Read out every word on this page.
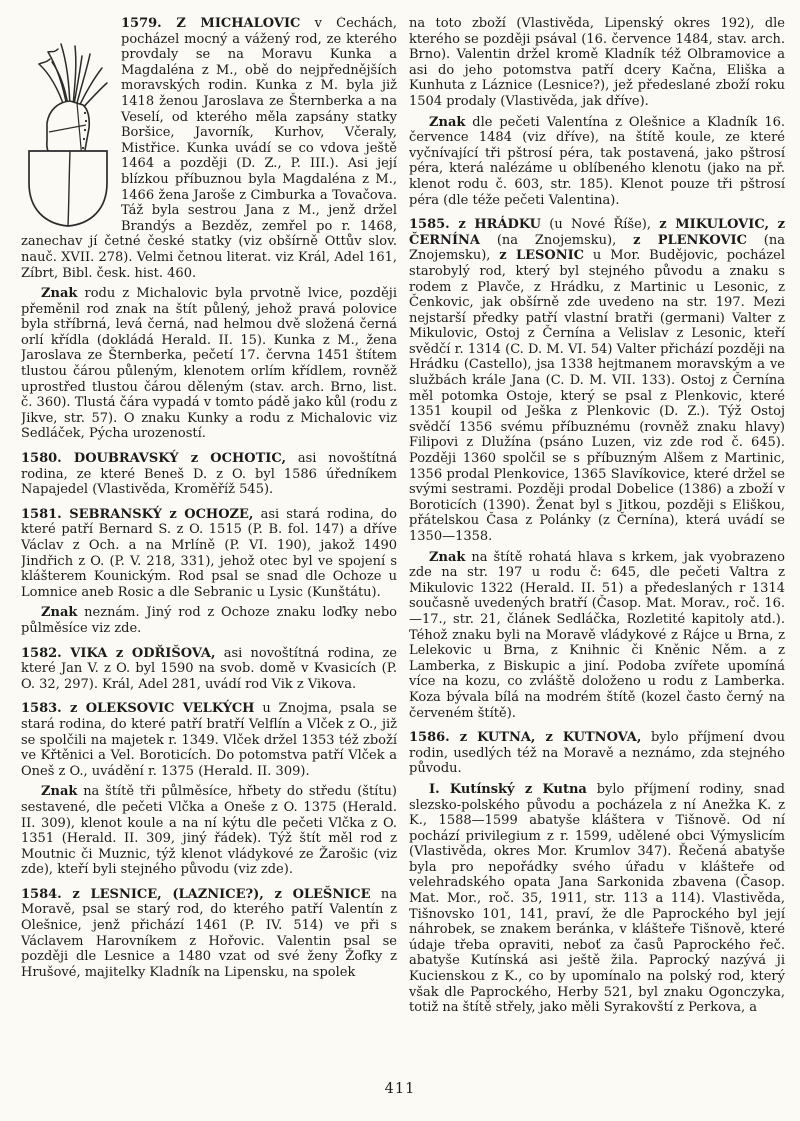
1579. Z MICHALOVIC v Čechách, pocházel mocný a vážený rod, ze kterého provdaly se na Moravu Kunka a Magdaléna z M., obě do nejpřednějších moravských rodin. Kunka z M. byla již 1418 ženou Jaroslava ze Šternberka a na Veselí, od kterého měla zapsány statky Boršice, Javorník, Kurhov, Včeraly, Mistřice. Kunka uvádí se co vdova ještě 1464 a později (D. Z., P. III.). Asi její blízkou příbuznou byla Magdaléna z M., 1466 žena Jaroše z Cimburka a Tovačova. Táž byla sestrou Jana z M., jenž držel Brandýs a Bezděz, zemřel po r. 1468, zanechav jí četné české statky (viz obšírně Ottův slov. nauč. XVII. 278). Velmi četnou literat. viz Král, Adel 161, Zíbrt, Bibl. česk. hist. 460.

Znak rodu z Michalovic byla prvotně lvice, později přeměnil rod znak na štít půlený, jehož pravá polovice byla stříbrná, levá černá, nad helmou dvě složená černá orlí křídla (dokládá Herald. II. 15). Kunka z M., žena Jaroslava ze Šternberka, pečetí 17. června 1451 štítem tlustou čárou půleným, klenotem orlím křídlem, rovněž uprostřed tlustou čárou děleným (stav. arch. Brno, list. č. 360). Tlustá čára vypadá v tomto pádě jako kůl (rodu z Jikve, str. 57). O znaku Kunky a rodu z Michalovic viz Sedláček, Pýcha urozeností.

1580. DOUBRAVSKÝ z OCHOTIC, asi novoštítná rodina, ze které Beneš D. z O. byl 1586 úředníkem Napajedel (Vlastivěda, Kroměříž 545).

1581. SEBRANSKÝ z OCHOZE, asi stará rodina, do které patří Bernard S. z O. 1515 (P. B. fol. 147) a dříve Václav z Och. a na Mrlíně (P. VI. 190), jakož 1490 Jindřich z O. (P. V. 218, 331), jehož otec byl ve spojení s klášterem Kounickým. Rod psal se snad dle Ochoze u Lomnice aneb Rosic a dle Sebranic u Lysic (Kunštátu).

Znak neznám. Jiný rod z Ochoze znaku loďky nebo půlměsíce viz zde.

1582. VIKA z ODŘIŠOVA, asi novoštítná rodina, ze které Jan V. z O. byl 1590 na svob. domě v Kvasicích (P. O. 32, 297). Král, Adel 281, uvádí rod Vik z Vikova.

1583. z OLEKSOVIC VELKÝCH u Znojma, psala se stará rodina, do které patří bratří Velflín a Vlček z O., již se spolčili na majetek r. 1349. Vlček držel 1353 též zboží ve Křtěnici a Vel. Boroticích. Do potomstva patří Vlček a Oneš z O., uvádění r. 1375 (Herald. II. 309).

Znak na štítě tři půlměsíce, hřbety do středu (štítu) sestavené, dle pečeti Vlčka a Oneše z O. 1375 (Herald. II. 309), klenot koule a na ní kýtu dle pečeti Vlčka z O. 1351 (Herald. II. 309, jiný řádek). Týž štít měl rod z Moutnic či Muznic, týž klenot vládykové ze Žarošic (viz zde), kteří byli stejného původu (viz zde).

1584. z LESNICE, (LAZNICE?), z OLEŠNICE na Moravě, psal se starý rod, do kterého patří Valentín z Olešnice, jenž přichází 1461 (P. IV. 514) ve při s Václavem Harovníkem z Hořovic. Valentin psal se později dle Lesnice a 1480 vzat od své ženy Žofky z Hrušové, majitelky Kladník na Lipensku, na spolek

na toto zboží (Vlastivěda, Lipenský okres 192), dle kterého se později psával (16. července 1484, stav. arch. Brno). Valentin držel kromě Kladník též Olbramovice a asi do jeho potomstva patří dcery Kačna, Eliška a Kunhuta z Láznice (Lesnice?), jež předeslané zboží roku 1504 prodaly (Vlastivěda, jak dříve).

Znak dle pečeti Valentína z Olešnice a Kladník 16. července 1484 (viz dříve), na štítě koule, ze které vyčnívající tři pštrosí péra, tak postavená, jako pštrosí péra, která nalézáme u oblíbeného klenotu (jako na př. klenot rodu č. 603, str. 185). Klenot pouze tři pštrosí péra (dle téže pečeti Valentina).

1585. z HRÁDKU (u Nové Říše), z MIKULOVIC, z ČERNÍNA (na Znojemsku), z PLENKOVIC (na Znojemsku), z LESONIC u Mor. Budějovic, pocházel starobylý rod, který byl stejného původu a znaku s rodem z Plavče, z Hrádku, z Martinic u Lesonic, z Čenkovic, jak obšírně zde uvedeno na str. 197. Mezi nejstarší předky patří vlastní bratři (germani) Valter z Mikulovic, Ostoj z Černína a Velislav z Lesonic, kteří svědčí r. 1314 (C. D. M. VI. 54) Valter přichází později na Hrádku (Castello), jsa 1338 hejtmanem moravským a ve službách krále Jana (C. D. M. VII. 133). Ostoj z Černína měl potomka Ostoje, který se psal z Plenkovic, které 1351 koupil od Ješka z Plenkovic (D. Z.). Týž Ostoj svědčí 1356 svému příbuznému (rovněž znaku hlavy) Filipovi z Dlužína (psáno Luzen, viz zde rod č. 645). Později 1360 spolčil se s příbuzným Alšem z Martinic, 1356 prodal Plenkovice, 1365 Slavíkovice, které držel se svými sestrami. Později prodal Dobelice (1386) a zboží v Boroticích (1390). Ženat byl s Jitkou, později s Eliškou, přátelskou Časa z Polánky (z Černína), která uvádí se 1350—1358.

Znak na štítě rohatá hlava s krkem, jak vyobrazeno zde na str. 197 u rodu č: 645, dle pečeti Valtra z Mikulovic 1322 (Herald. II. 51) a předeslaných r 1314 současně uvedených bratří (Časop. Mat. Morav., roč. 16.—17., str. 21, článek Sedláčka, Rozletité kapitoly atd.). Téhož znaku byli na Moravě vládykové z Rájce u Brna, z Lelekovic u Brna, z Knihnic či Kněnic Něm. a z Lamberka, z Biskupic a jiní. Podoba zvířete upomíná více na kozu, co zvláště doloženo u rodu z Lamberka. Koza bývala bílá na modrém štítě (kozel často černý na červeném štítě).

1586. z KUTNA, z KUTNOVA, bylo příjmení dvou rodin, usedlých též na Moravě a neznámo, zda stejného původu.

I. Kutínský z Kutna bylo příjmení rodiny, snad slezsko-polského původu a pocházela z ní Anežka K. z K., 1588—1599 abatyše kláštera v Tišnově. Od ní pochází privilegium z r. 1599, udělené obci Výmyslicím (Vlastivěda, okres Mor. Krumlov 347). Řečená abatyše byla pro nepořádky svého úřadu v klášteře od velehradského opata Jana Sarkonida zbavena (Časop. Mat. Mor., roč. 35, 1911, str. 113 a 114). Vlastivěda, Tišnovsko 101, 141, praví, že dle Paprockého byl její náhrobek, se znakem beránka, v klášteře Tišnově, které údaje třeba opraviti, neboť za časů Paprockého řeč. abatyše Kutínská asi ještě žila. Paprocký nazývá ji Kucienskou z K., co by upomínalo na polský rod, který však dle Paprockého, Herby 521, byl znaku Ogonczyka, totiž na štítě střely, jako měli Syrakovští z Perkova, a

411
